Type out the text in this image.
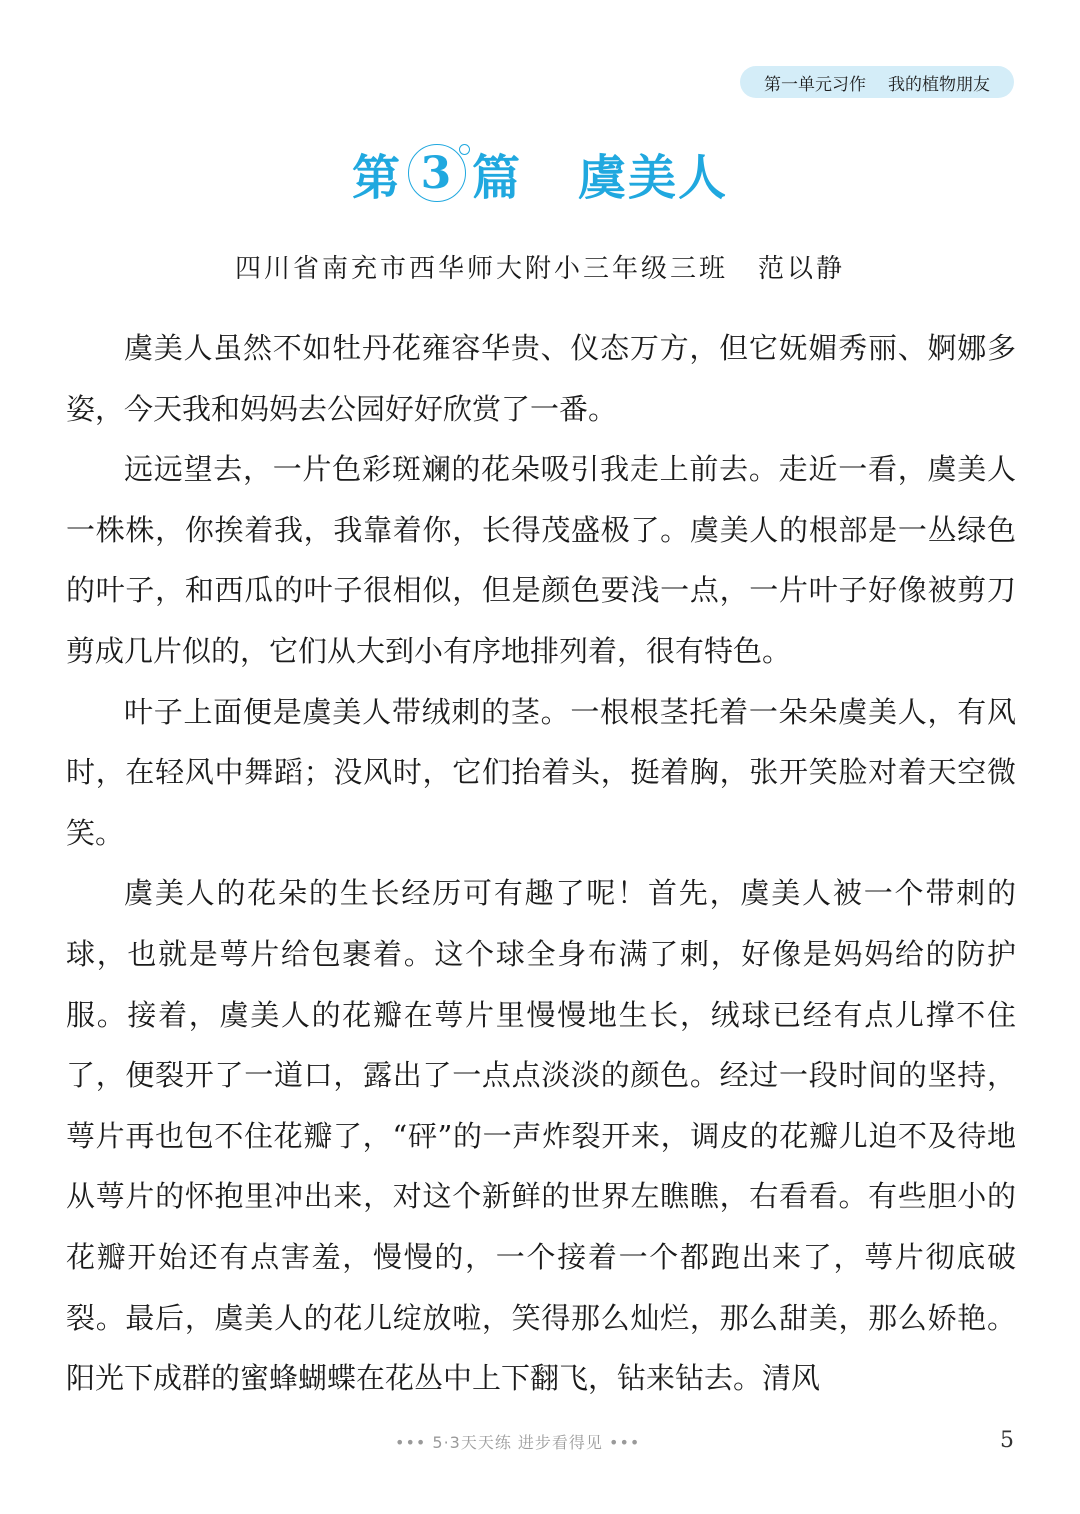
第一单元习作 我的植物朋友
第 3 篇 虞美人
四川省南充市西华师大附小三年级三班 范以静

虞美人虽然不如牡丹花雍容华贵、仪态万方，但它妩媚秀丽、婀娜多姿，今天我和妈妈去公园好好欣赏了一番。

远远望去，一片色彩斑斓的花朵吸引我走上前去。走近一看，虞美人一株株，你挨着我，我靠着你，长得茂盛极了。虞美人的根部是一丛绿色的叶子，和西瓜的叶子很相似，但是颜色要浅一点，一片叶子好像被剪刀剪成几片似的，它们从大到小有序地排列着，很有特色。

叶子上面便是虞美人带绒刺的茎。一根根茎托着一朵朵虞美人，有风时，在轻风中舞蹈；没风时，它们抬着头，挺着胸，张开笑脸对着天空微笑。

虞美人的花朵的生长经历可有趣了呢！首先，虞美人被一个带刺的球，也就是萼片给包裹着。这个球全身布满了刺，好像是妈妈给的防护服。接着，虞美人的花瓣在萼片里慢慢地生长，绒球已经有点儿撑不住了，便裂开了一道口，露出了一点点淡淡的颜色。经过一段时间的坚持，萼片再也包不住花瓣了，“砰”的一声炸裂开来，调皮的花瓣儿迫不及待地从萼片的怀抱里冲出来，对这个新鲜的世界左瞧瞧，右看看。有些胆小的花瓣开始还有点害羞，慢慢的，一个接着一个都跑出来了，萼片彻底破裂。最后，虞美人的花儿绽放啦，笑得那么灿烂，那么甜美，那么娇艳。阳光下成群的蜜蜂蝴蝶在花丛中上下翻飞，钻来钻去。清风

••• 5·3天天练 进步看得见 •••	5
